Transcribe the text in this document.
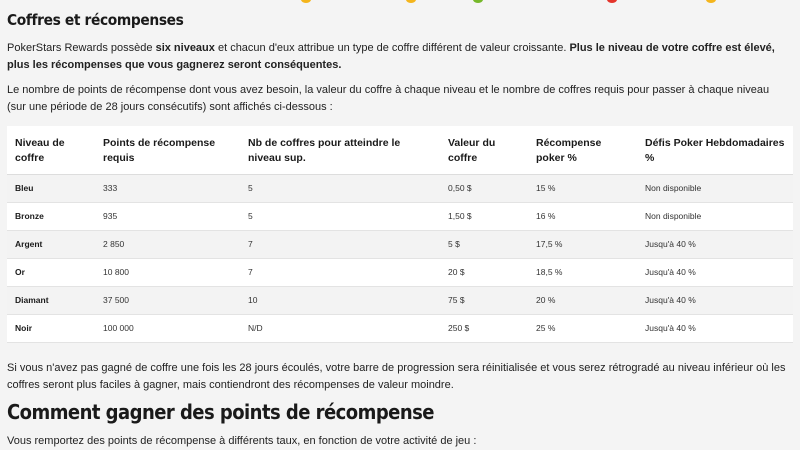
Coffres et récompenses

PokerStars Rewards possède six niveaux et chacun d'eux attribue un type de coffre différent de valeur croissante. Plus le niveau de votre coffre est élevé, plus les récompenses que vous gagnerez seront conséquentes.

Le nombre de points de récompense dont vous avez besoin, la valeur du coffre à chaque niveau et le nombre de coffres requis pour passer à chaque niveau (sur une période de 28 jours consécutifs) sont affichés ci-dessous :

Niveau de coffre	Points de récompense requis	Nb de coffres pour atteindre le niveau sup.	Valeur du coffre	Récompense poker %	Défis Poker Hebdomadaires %
Bleu	333	5	0,50 $	15 %	Non disponible
Bronze	935	5	1,50 $	16 %	Non disponible
Argent	2 850	7	5 $	17,5 %	Jusqu'à 40 %
Or	10 800	7	20 $	18,5 %	Jusqu'à 40 %
Diamant	37 500	10	75 $	20 %	Jusqu'à 40 %
Noir	100 000	N/D	250 $	25 %	Jusqu'à 40 %

Si vous n'avez pas gagné de coffre une fois les 28 jours écoulés, votre barre de progression sera réinitialisée et vous serez rétrogradé au niveau inférieur où les coffres seront plus faciles à gagner, mais contiendront des récompenses de valeur moindre.

Comment gagner des points de récompense

Vous remportez des points de récompense à différents taux, en fonction de votre activité de jeu :
